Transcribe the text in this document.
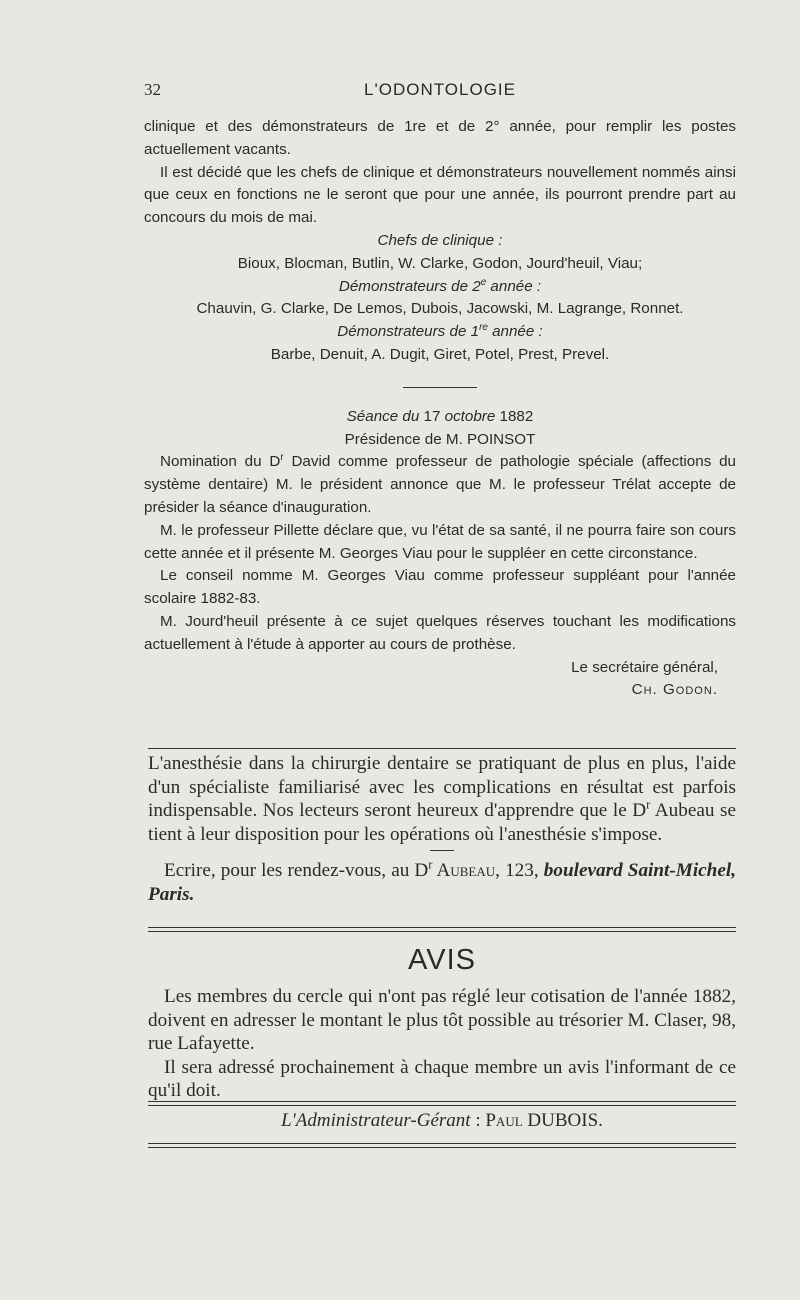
32	L'ODONTOLOGIE

clinique et des démonstrateurs de 1re et de 2° année, pour remplir les postes actuellement vacants.

Il est décidé que les chefs de clinique et démonstrateurs nouvellement nommés ainsi que ceux en fonctions ne le seront que pour une année, ils pourront prendre part au concours du mois de mai.

Chefs de clinique :

Bioux, Blocman, Butlin, W. Clarke, Godon, Jourd'heuil, Viau;

Démonstrateurs de 2e année :

Chauvin, G. Clarke, De Lemos, Dubois, Jacowski, M. Lagrange, Ronnet.

Démonstrateurs de 1re année :

Barbe, Denuit, A. Dugit, Giret, Potel, Prest, Prevel.

Séance du 17 octobre 1882

Présidence de M. POINSOT

Nomination du $D^r$ David comme professeur de pathologie spéciale (affections du système dentaire) M. le président annonce que M. le professeur Trélat accepte de présider la séance d'inauguration.

M. le professeur Pillette déclare que, vu l'état de sa santé, il ne pourra faire son cours cette année et il présente M. Georges Viau pour le suppléer en cette circonstance.

Le conseil nomme M. Georges Viau comme professeur suppléant pour l'année scolaire 1882-83.

M. Jourd'heuil présente à ce sujet quelques réserves touchant les modifications actuellement à l'étude à apporter au cours de prothèse.

Le secrétaire général,

Ch. Godon.

L'anesthésie dans la chirurgie dentaire se pratiquant de plus en plus, l'aide d'un spécialiste familiarisé avec les complications en résultat est parfois indispensable. Nos lecteurs seront heureux d'apprendre que le $D^r$ Aubeau se tient à leur disposition pour les opérations où l'anesthésie s'impose.

Ecrire, pour les rendez-vous, au $D^r$ Aubeau, 123, boulevard Saint-Michel, Paris.

AVIS

Les membres du cercle qui n'ont pas réglé leur cotisation de l'année 1882, doivent en adresser le montant le plus tôt possible au trésorier M. Claser, 98, rue Lafayette.

Il sera adressé prochainement à chaque membre un avis l'informant de ce qu'il doit.

L'Administrateur-Gérant : Paul DUBOIS.
